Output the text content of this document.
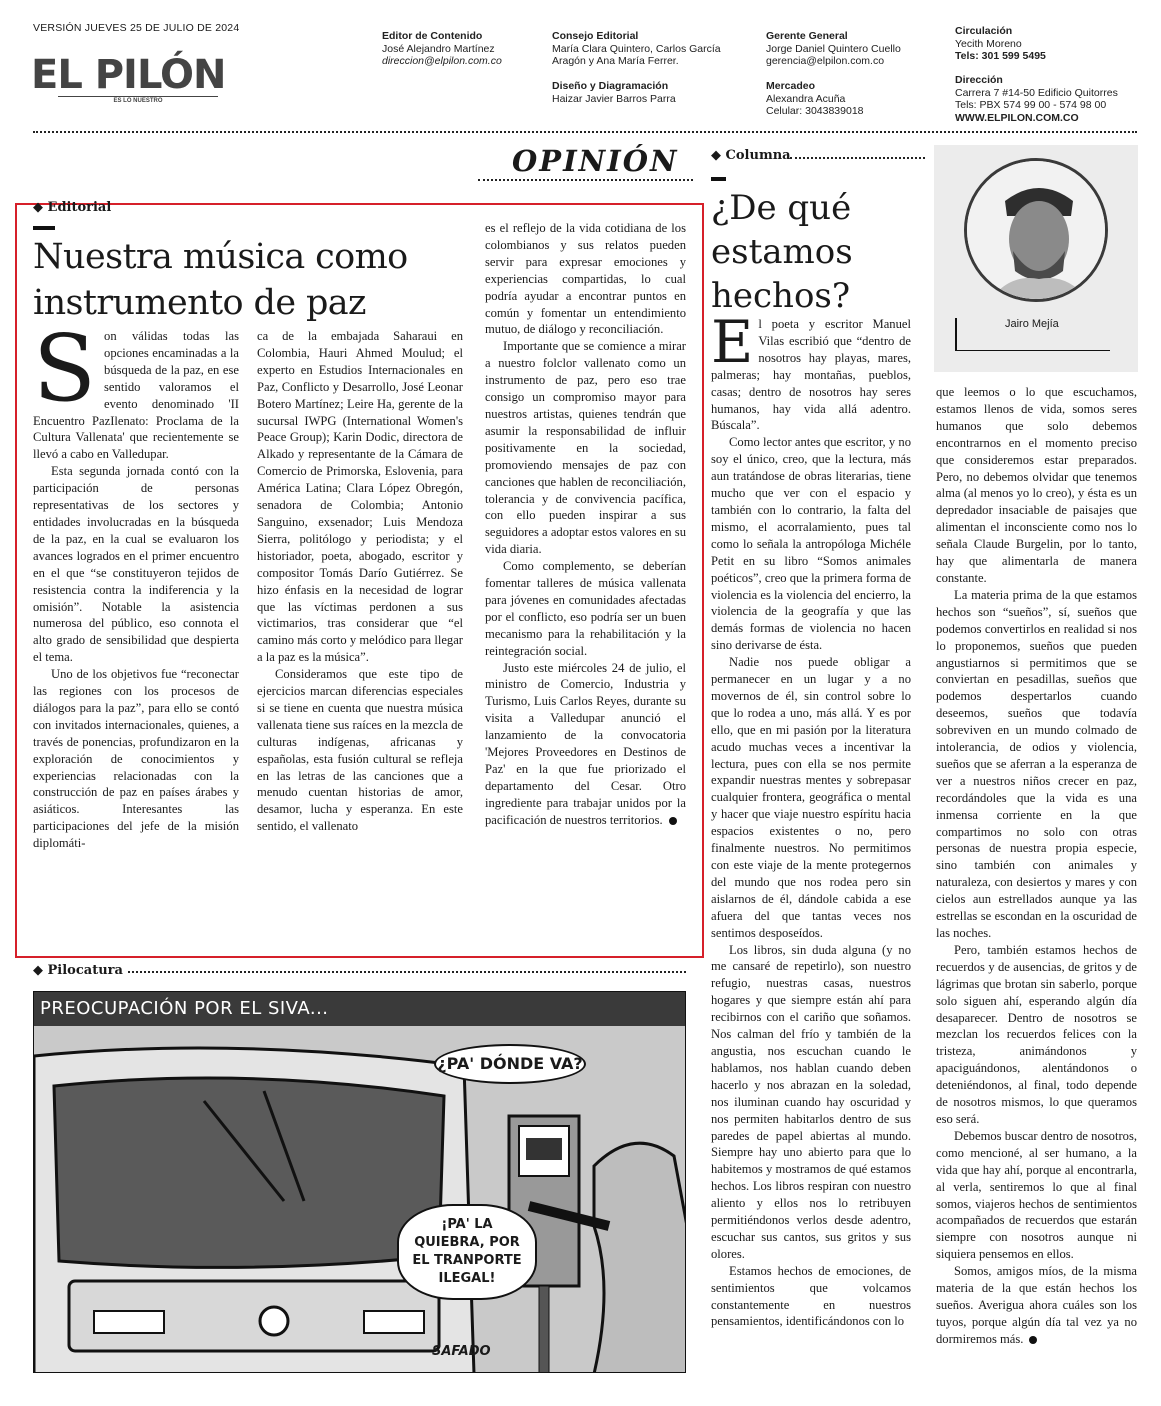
VERSIÓN JUEVES 25 DE JULIO DE 2024
EL PILÓN
ES LO NUESTRO
Editor de Contenido
José Alejandro Martínez
direccion@elpilon.com.co
Consejo Editorial
María Clara Quintero, Carlos García
Aragón y Ana María Ferrer.
Diseño y Diagramación
Haizar Javier Barros Parra
Gerente General
Jorge Daniel Quintero Cuello
gerencia@elpilon.com.co
Mercadeo
Alexandra Acuña
Celular: 3043839018
Circulación
Yecith Moreno
Tels: 301 599 5495
Dirección
Carrera 7 #14-50 Edificio Quitorres
Tels: PBX 574 99 00 - 574 98 00
WWW.ELPILON.COM.CO
OPINIÓN
◆ Editorial
Nuestra música como instrumento de paz

Son válidas todas las opciones encaminadas a la búsqueda de la paz, en ese sentido valoramos el evento denominado 'II Encuentro PazIlenato: Proclama de la Cultura Vallenata' que recientemente se llevó a cabo en Valledupar.

Esta segunda jornada contó con la participación de personas representativas de los sectores y entidades involucradas en la búsqueda de la paz, en la cual se evaluaron los avances logrados en el primer encuentro en el que “se constituyeron tejidos de resistencia contra la indiferencia y la omisión”. Notable la asistencia numerosa del público, eso connota el alto grado de sensibilidad que despierta el tema.

Uno de los objetivos fue “reconectar las regiones con los procesos de diálogos para la paz”, para ello se contó con invitados internacionales, quienes, a través de ponencias, profundizaron en la exploración de conocimientos y experiencias relacionadas con la construcción de paz en países árabes y asiáticos. Interesantes las participaciones del jefe de la misión diplomáti-

ca de la embajada Saharaui en Colombia, Hauri Ahmed Moulud; el experto en Estudios Internacionales en Paz, Conflicto y Desarrollo, José Leonar Botero Martínez; Leire Ha, gerente de la sucursal IWPG (International Women's Peace Group); Karin Dodic, directora de Alkado y representante de la Cámara de Comercio de Primorska, Eslovenia, para América Latina; Clara López Obregón, senadora de Colombia; Antonio Sanguino, exsenador; Luis Mendoza Sierra, politólogo y periodista; y el historiador, poeta, abogado, escritor y compositor Tomás Darío Gutiérrez. Se hizo énfasis en la necesidad de lograr que las víctimas perdonen a sus victimarios, tras considerar que “el camino más corto y melódico para llegar a la paz es la música”.

Consideramos que este tipo de ejercicios marcan diferencias especiales si se tiene en cuenta que nuestra música vallenata tiene sus raíces en la mezcla de culturas indígenas, africanas y españolas, esta fusión cultural se refleja en las letras de las canciones que a menudo cuentan historias de amor, desamor, lucha y esperanza. En este sentido, el vallenato

es el reflejo de la vida cotidiana de los colombianos y sus relatos pueden servir para expresar emociones y experiencias compartidas, lo cual podría ayudar a encontrar puntos en común y fomentar un entendimiento mutuo, de diálogo y reconciliación.

Importante que se comience a mirar a nuestro folclor vallenato como un instrumento de paz, pero eso trae consigo un compromiso mayor para nuestros artistas, quienes tendrán que asumir la responsabilidad de influir positivamente en la sociedad, promoviendo mensajes de paz con canciones que hablen de reconciliación, tolerancia y de convivencia pacífica, con ello pueden inspirar a sus seguidores a adoptar estos valores en su vida diaria.

Como complemento, se deberían fomentar talleres de música vallenata para jóvenes en comunidades afectadas por el conflicto, eso podría ser un buen mecanismo para la rehabilitación y la reintegración social.

Justo este miércoles 24 de julio, el ministro de Comercio, Industria y Turismo, Luis Carlos Reyes, durante su visita a Valledupar anunció el lanzamiento de la convocatoria 'Mejores Proveedores en Destinos de Paz' en la que fue priorizado el departamento del Cesar. Otro ingrediente para trabajar unidos por la pacificación de nuestros territorios.

◆ Pilocatura
PREOCUPACIÓN POR EL SIVA...
¿PA' DÓNDE VA?
¡PA' LA QUIEBRA, POR EL TRANPORTE ILEGAL!
SAFADO
◆ Columna
¿De qué estamos hechos?
Jairo Mejía

El poeta y escritor Manuel Vilas escribió que “dentro de nosotros hay playas, mares, palmeras; hay montañas, pueblos, casas; dentro de nosotros hay seres humanos, hay vida allá adentro. Búscala”.

Como lector antes que escritor, y no soy el único, creo, que la lectura, más aun tratándose de obras literarias, tiene mucho que ver con el espacio y también con lo contrario, la falta del mismo, el acorralamiento, pues tal como lo señala la antropóloga Michéle Petit en su libro “Somos animales poéticos”, creo que la primera forma de violencia es la violencia del encierro, la violencia de la geografía y que las demás formas de violencia no hacen sino derivarse de ésta.

Nadie nos puede obligar a permanecer en un lugar y a no movernos de él, sin control sobre lo que lo rodea a uno, más allá. Y es por ello, que en mi pasión por la literatura acudo muchas veces a incentivar la lectura, pues con ella se nos permite expandir nuestras mentes y sobrepasar cualquier frontera, geográfica o mental y hacer que viaje nuestro espíritu hacia espacios existentes o no, pero finalmente nuestros. No permitimos con este viaje de la mente protegernos del mundo que nos rodea pero sin aislarnos de él, dándole cabida a ese afuera del que tantas veces nos sentimos desposeídos.

Los libros, sin duda alguna (y no me cansaré de repetirlo), son nuestro refugio, nuestras casas, nuestros hogares y que siempre están ahí para recibirnos con el cariño que soñamos. Nos calman del frío y también de la angustia, nos escuchan cuando le hablamos, nos hablan cuando deben hacerlo y nos abrazan en la soledad, nos iluminan cuando hay oscuridad y nos permiten habitarlos dentro de sus paredes de papel abiertas al mundo. Siempre hay uno abierto para que lo habitemos y mostramos de qué estamos hechos. Los libros respiran con nuestro aliento y ellos nos lo retribuyen permitiéndonos verlos desde adentro, escuchar sus cantos, sus gritos y sus olores.

Estamos hechos de emociones, de sentimientos que volcamos constantemente en nuestros pensamientos, identificándonos con lo

que leemos o lo que escuchamos, estamos llenos de vida, somos seres humanos que solo debemos encontrarnos en el momento preciso que consideremos estar preparados. Pero, no debemos olvidar que tenemos alma (al menos yo lo creo), y ésta es un depredador insaciable de paisajes que alimentan el inconsciente como nos lo señala Claude Burgelin, por lo tanto, hay que alimentarla de manera constante.

La materia prima de la que estamos hechos son “sueños”, sí, sueños que podemos convertirlos en realidad si nos lo proponemos, sueños que pueden angustiarnos si permitimos que se conviertan en pesadillas, sueños que podemos despertarlos cuando deseemos, sueños que todavía sobreviven en un mundo colmado de intolerancia, de odios y violencia, sueños que se aferran a la esperanza de ver a nuestros niños crecer en paz, recordándoles que la vida es una inmensa corriente en la que compartimos no solo con otras personas de nuestra propia especie, sino también con animales y naturaleza, con desiertos y mares y con cielos aun estrellados aunque ya las estrellas se escondan en la oscuridad de las noches.

Pero, también estamos hechos de recuerdos y de ausencias, de gritos y de lágrimas que brotan sin saberlo, porque solo siguen ahí, esperando algún día desaparecer. Dentro de nosotros se mezclan los recuerdos felices con la tristeza, animándonos y apaciguándonos, alentándonos o deteniéndonos, al final, todo depende de nosotros mismos, lo que queramos eso será.

Debemos buscar dentro de nosotros, como mencioné, al ser humano, a la vida que hay ahí, porque al encontrarla, al verla, sentiremos lo que al final somos, viajeros hechos de sentimientos acompañados de recuerdos que estarán siempre con nosotros aunque ni siquiera pensemos en ellos.

Somos, amigos míos, de la misma materia de la que están hechos los sueños. Averigua ahora cuáles son los tuyos, porque algún día tal vez ya no dormiremos más.
